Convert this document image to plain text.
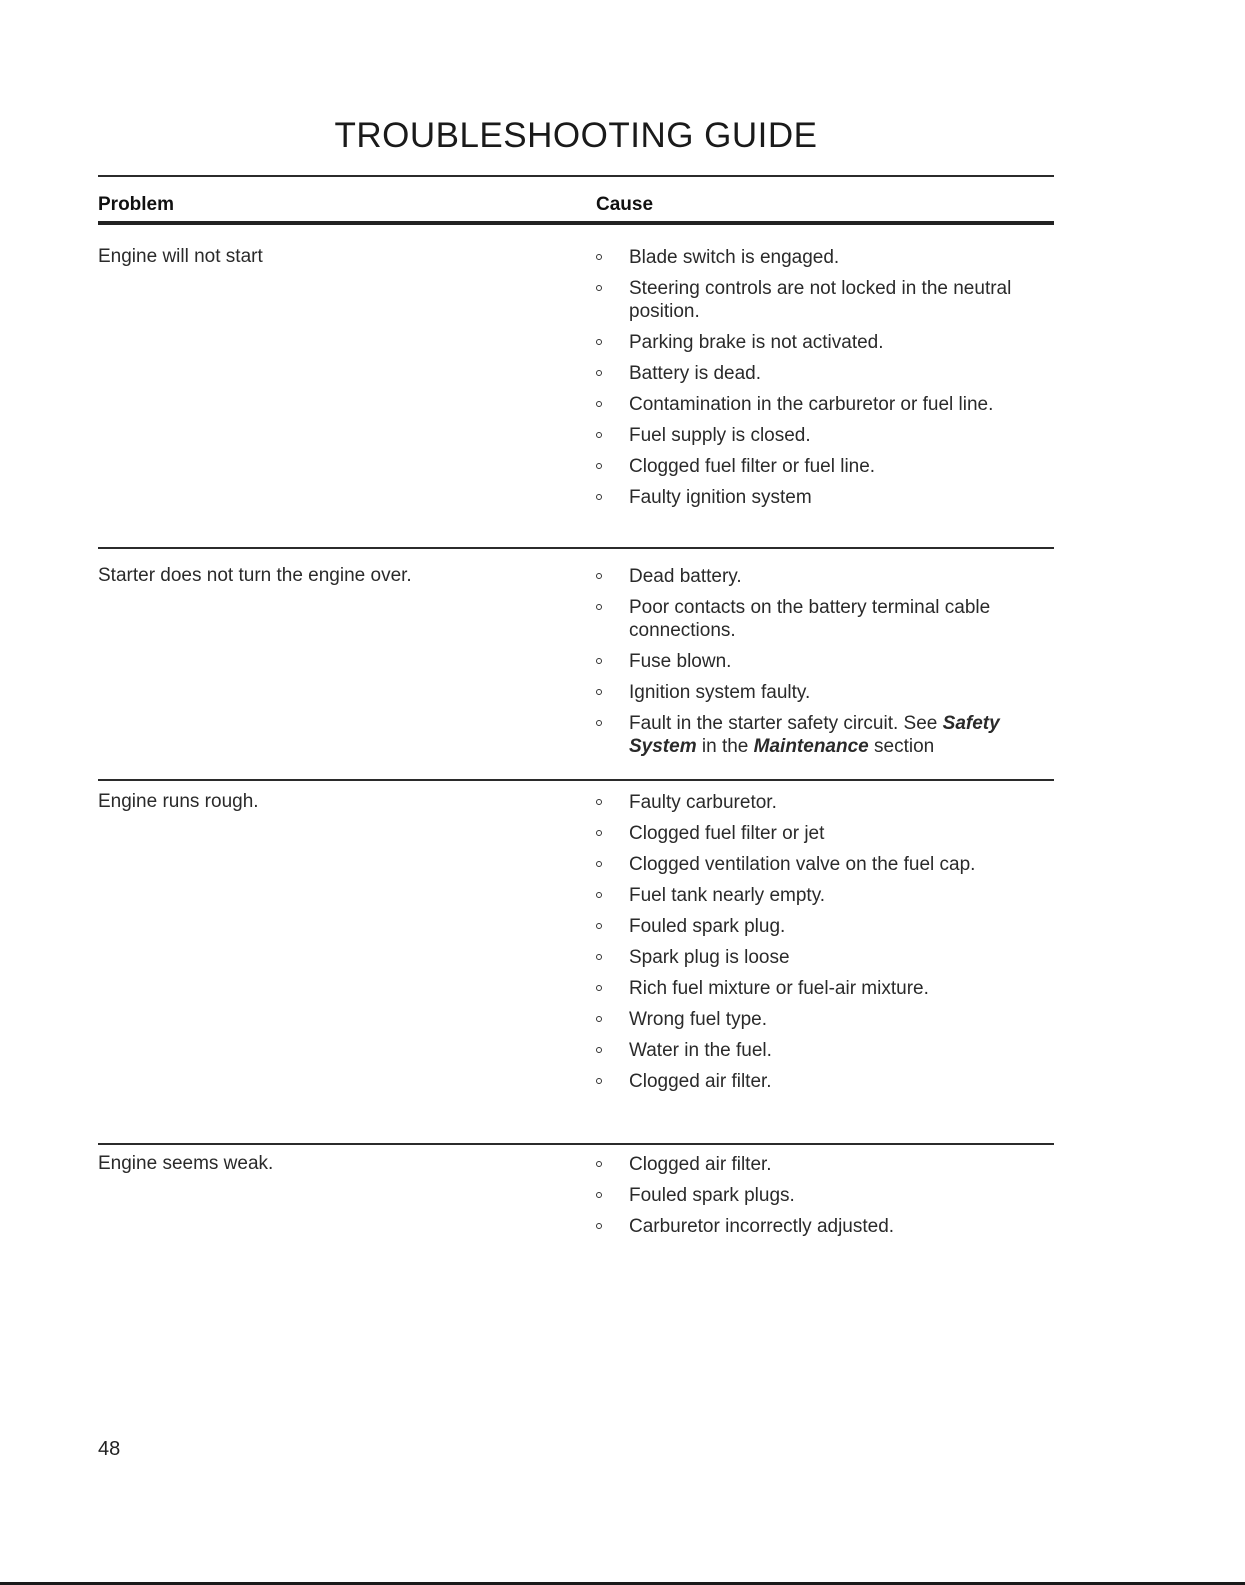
TROUBLESHOOTING GUIDE
Problem	Cause

Engine will not start	Blade switch is engaged.
Steering controls are not locked in the neutral position.
Parking brake is not activated.
Battery is dead.
Contamination in the carburetor or fuel line.
Fuel supply is closed.
Clogged fuel filter or fuel line.
Faulty ignition system

Starter does not turn the engine over.	Dead battery.
Poor contacts on the battery terminal cable connections.
Fuse blown.
Ignition system faulty.
Fault in the starter safety circuit. See Safety System in the Maintenance section

Engine runs rough.	Faulty carburetor.
Clogged fuel filter or jet
Clogged ventilation valve on the fuel cap.
Fuel tank nearly empty.
Fouled spark plug.
Spark plug is loose
Rich fuel mixture or fuel-air mixture.
Wrong fuel type.
Water in the fuel.
Clogged air filter.

Engine seems weak.	Clogged air filter.
Fouled spark plugs.
Carburetor incorrectly adjusted.
48
